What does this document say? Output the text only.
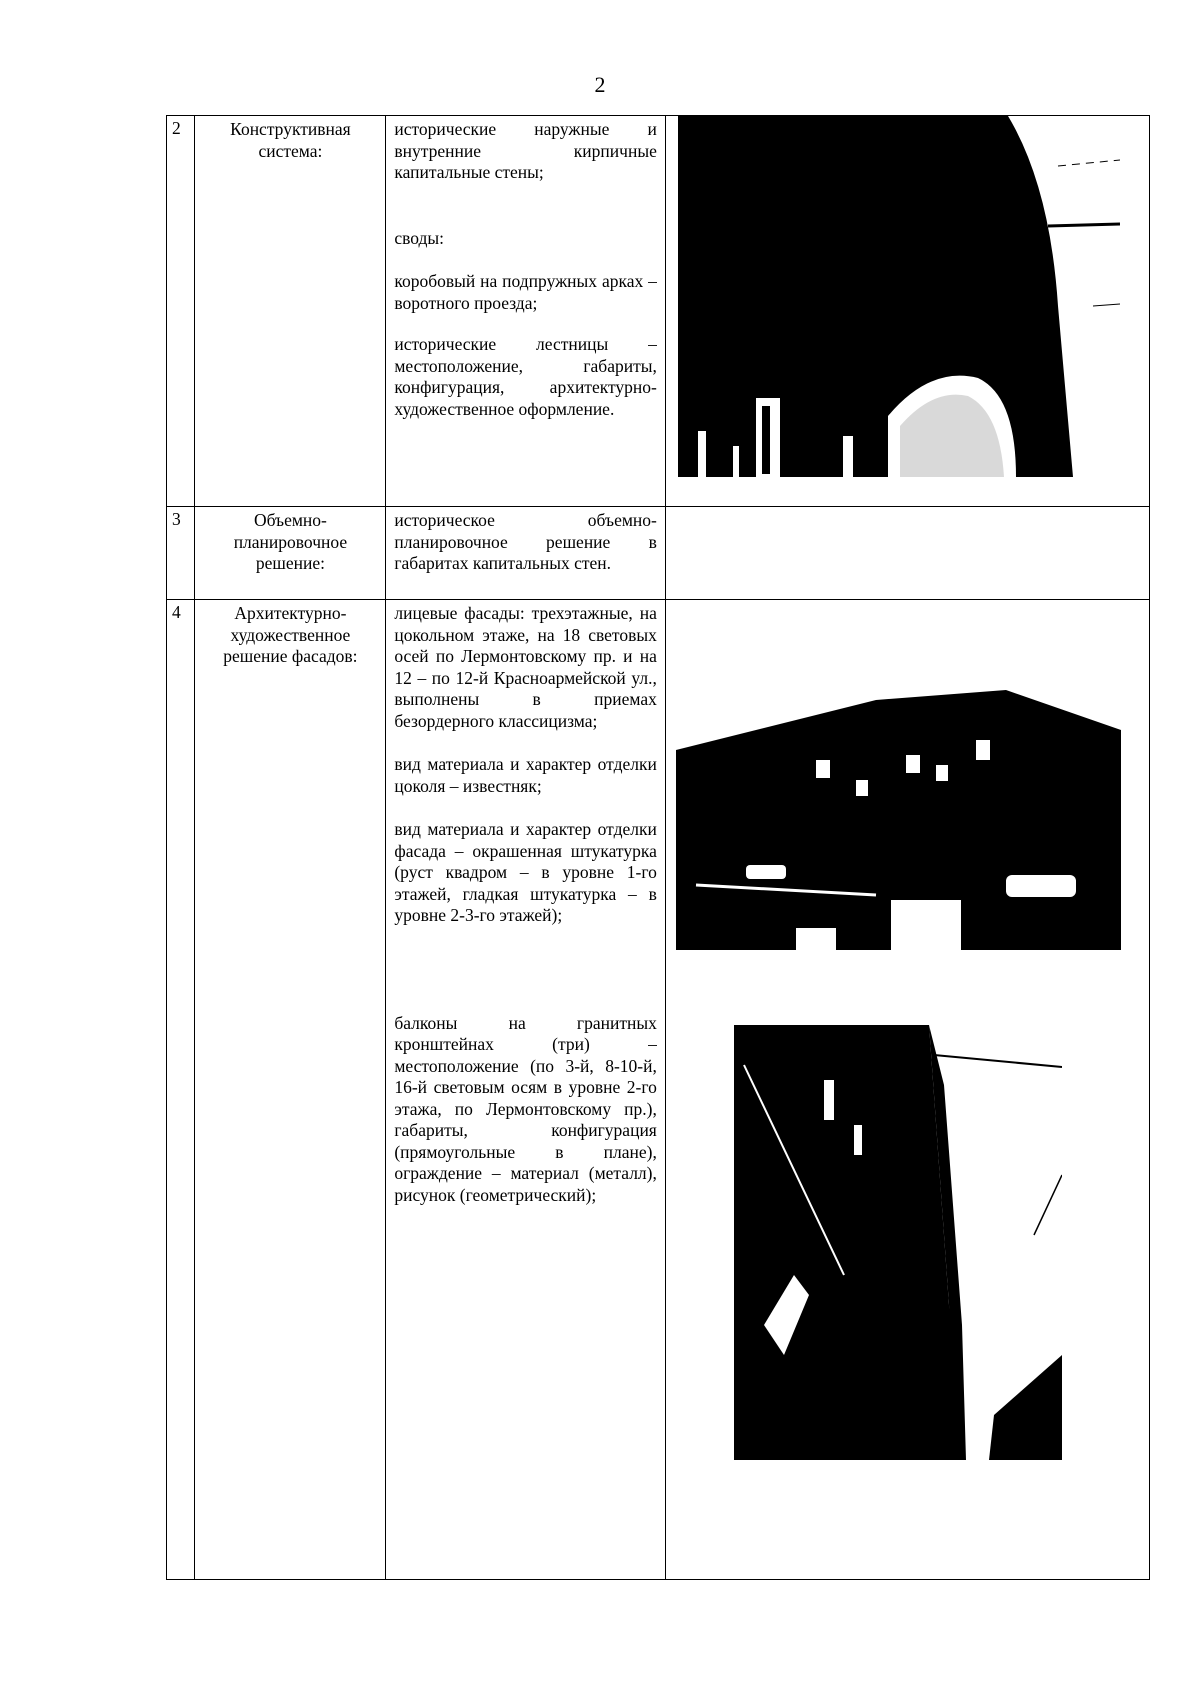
2
2	Конструктивная система:	исторические наружные и внутренние кирпичные капитальные стены;

своды:

коробовый на подпружных арках – воротного проезда;

исторические лестницы – местоположение, габариты, конфигурация, архитектурно-художественное оформление.

3	Объемно-планировочное решение:	историческое объемно-планировочное решение в габаритах капитальных стен.	

4	Архитектурно-художественное решение фасадов:	лицевые фасады: трехэтажные, на цокольном этаже, на 18 световых осей по Лермонтовскому пр. и на 12 – по 12-й Красноармейской ул., выполнены в приемах безордерного классицизма;

вид материала и характер отделки цоколя – известняк;

вид материала и характер отделки фасада – окрашенная штукатурка (руст квадром – в уровне 1-го этажей, гладкая штукатурка – в уровне 2-3-го этажей);

балконы на гранитных кронштейнах (три) – местоположение (по 3-й, 8-10-й, 16-й световым осям в уровне 2-го этажа, по Лермонтовскому пр.), габариты, конфигурация (прямоугольные в плане), ограждение – материал (металл), рисунок (геометрический);
